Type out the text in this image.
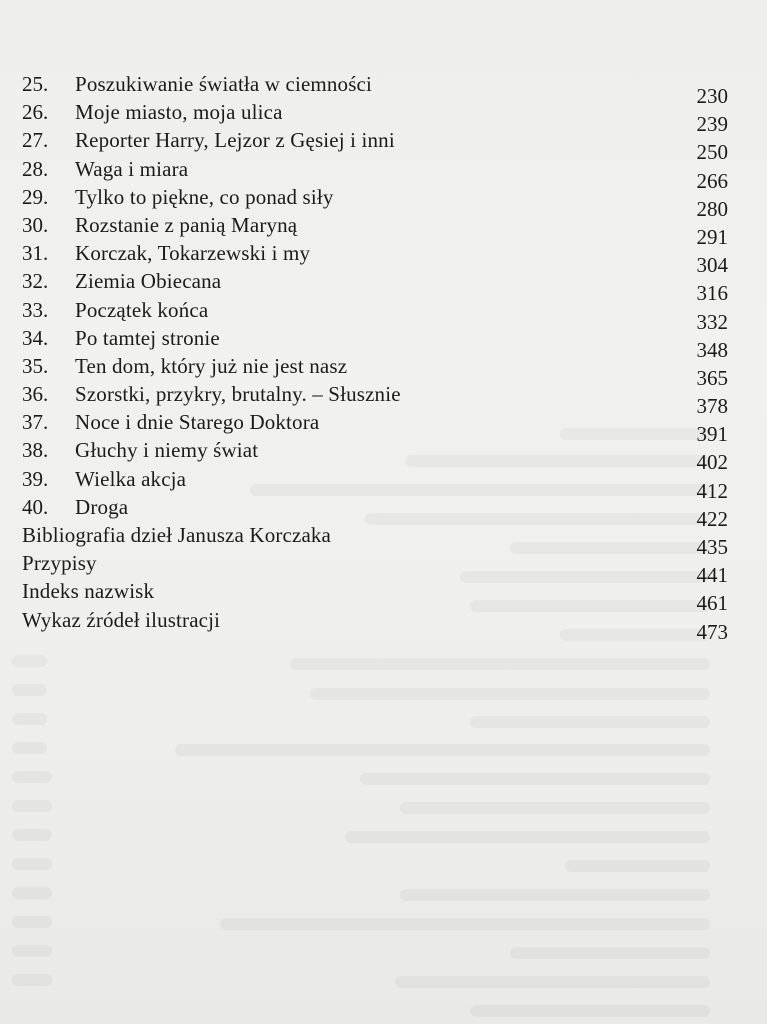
25.	Poszukiwanie światła w ciemności	230
26.	Moje miasto, moja ulica	239
27.	Reporter Harry, Lejzor z Gęsiej i inni	250
28.	Waga i miara	266
29.	Tylko to piękne, co ponad siły	280
30.	Rozstanie z panią Maryną	291
31.	Korczak, Tokarzewski i my	304
32.	Ziemia Obiecana	316
33.	Początek końca	332
34.	Po tamtej stronie	348
35.	Ten dom, który już nie jest nasz	365
36.	Szorstki, przykry, brutalny. – Słusznie	378
37.	Noce i dnie Starego Doktora	391
38.	Głuchy i niemy świat	402
39.	Wielka akcja	412
40.	Droga	422
Bibliografia dzieł Janusza Korczaka	435
Przypisy	441
Indeks nazwisk	461
Wykaz źródeł ilustracji	473
